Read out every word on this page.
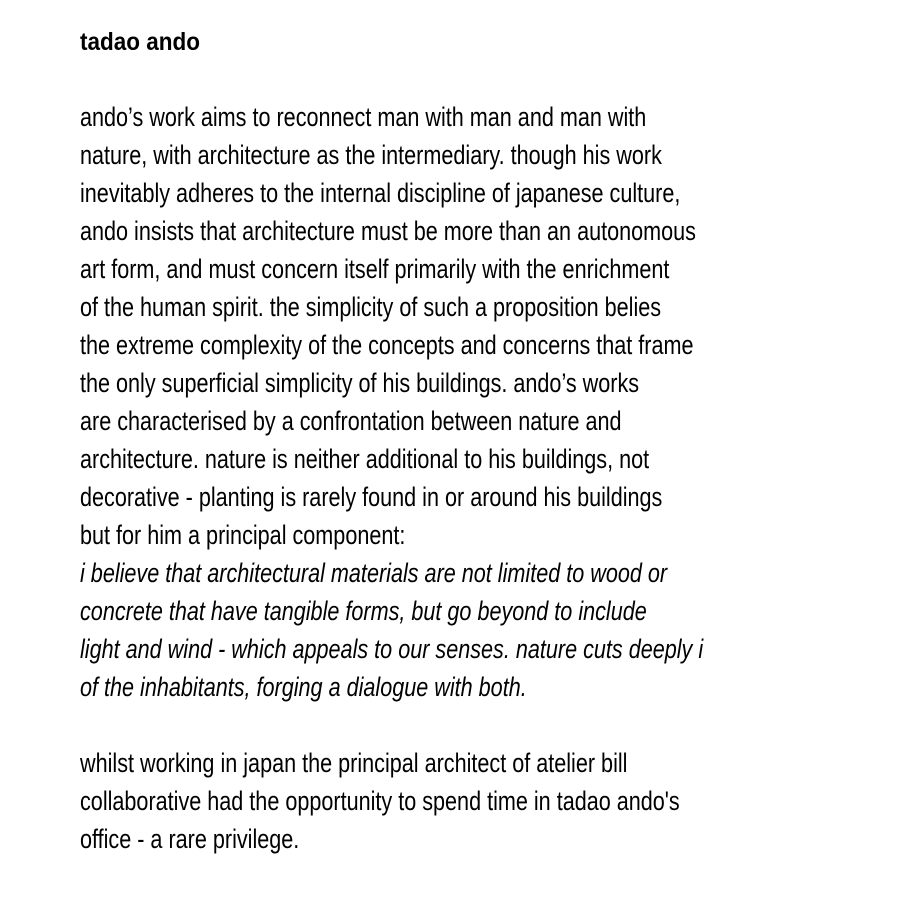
tadao ando
ando’s work aims to reconnect man with man and man with
nature, with architecture as the intermediary. though his work
inevitably adheres to the internal discipline of japanese culture,
ando insists that architecture must be more than an autonomous
art form, and must concern itself primarily with the enrichment
of the human spirit. the simplicity of such a proposition belies
the extreme complexity of the concepts and concerns that frame
the only superficial simplicity of his buildings. ando’s works
are characterised by a confrontation between nature and
architecture. nature is neither additional to his buildings, not
decorative - planting is rarely found in or around his buildings
but for him a principal component:
i believe that architectural materials are not limited to wood or
concrete that have tangible forms, but go beyond to include
light and wind - which appeals to our senses. nature cuts deeply i
of the inhabitants, forging a dialogue with both.
whilst working in japan the principal architect of atelier bill
collaborative had the opportunity to spend time in tadao ando's
office - a rare privilege.
